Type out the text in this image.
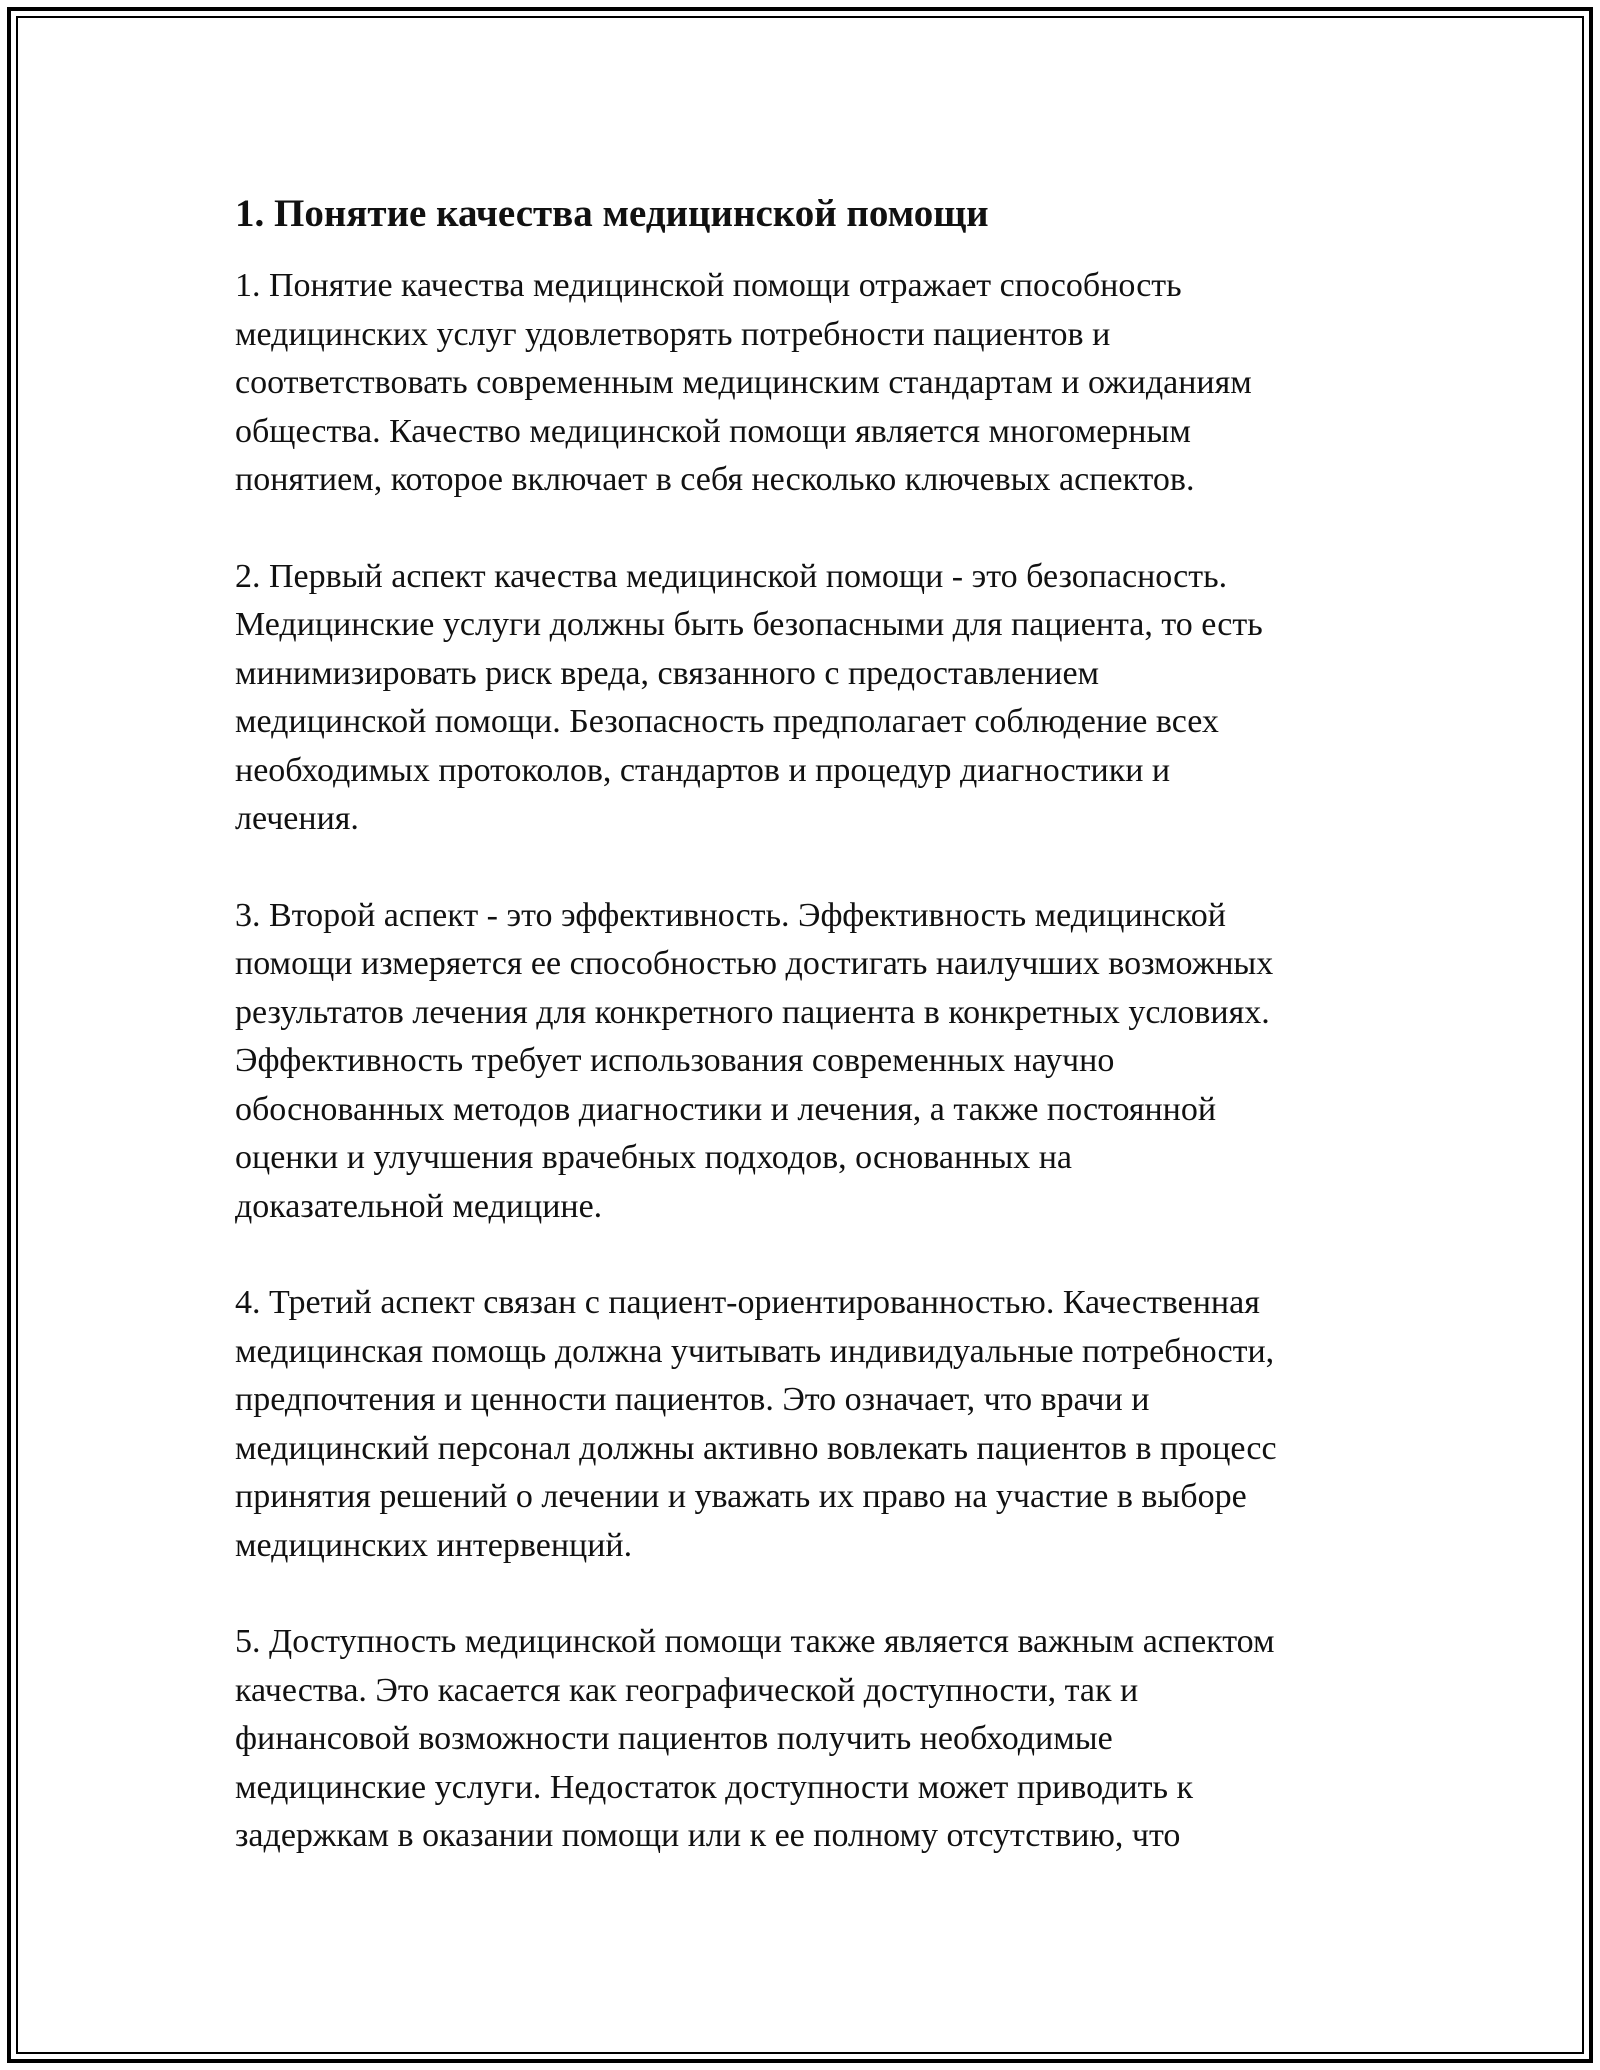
1. Понятие качества медицинской помощи
1. Понятие качества медицинской помощи отражает способность
медицинских услуг удовлетворять потребности пациентов и
соответствовать современным медицинским стандартам и ожиданиям
общества. Качество медицинской помощи является многомерным
понятием, которое включает в себя несколько ключевых аспектов.
2. Первый аспект качества медицинской помощи - это безопасность.
Медицинские услуги должны быть безопасными для пациента, то есть
минимизировать риск вреда, связанного с предоставлением
медицинской помощи. Безопасность предполагает соблюдение всех
необходимых протоколов, стандартов и процедур диагностики и
лечения.
3. Второй аспект - это эффективность. Эффективность медицинской
помощи измеряется ее способностью достигать наилучших возможных
результатов лечения для конкретного пациента в конкретных условиях.
Эффективность требует использования современных научно
обоснованных методов диагностики и лечения, а также постоянной
оценки и улучшения врачебных подходов, основанных на
доказательной медицине.
4. Третий аспект связан с пациент-ориентированностью. Качественная
медицинская помощь должна учитывать индивидуальные потребности,
предпочтения и ценности пациентов. Это означает, что врачи и
медицинский персонал должны активно вовлекать пациентов в процесс
принятия решений о лечении и уважать их право на участие в выборе
медицинских интервенций.
5. Доступность медицинской помощи также является важным аспектом
качества. Это касается как географической доступности, так и
финансовой возможности пациентов получить необходимые
медицинские услуги. Недостаток доступности может приводить к
задержкам в оказании помощи или к ее полному отсутствию, что
